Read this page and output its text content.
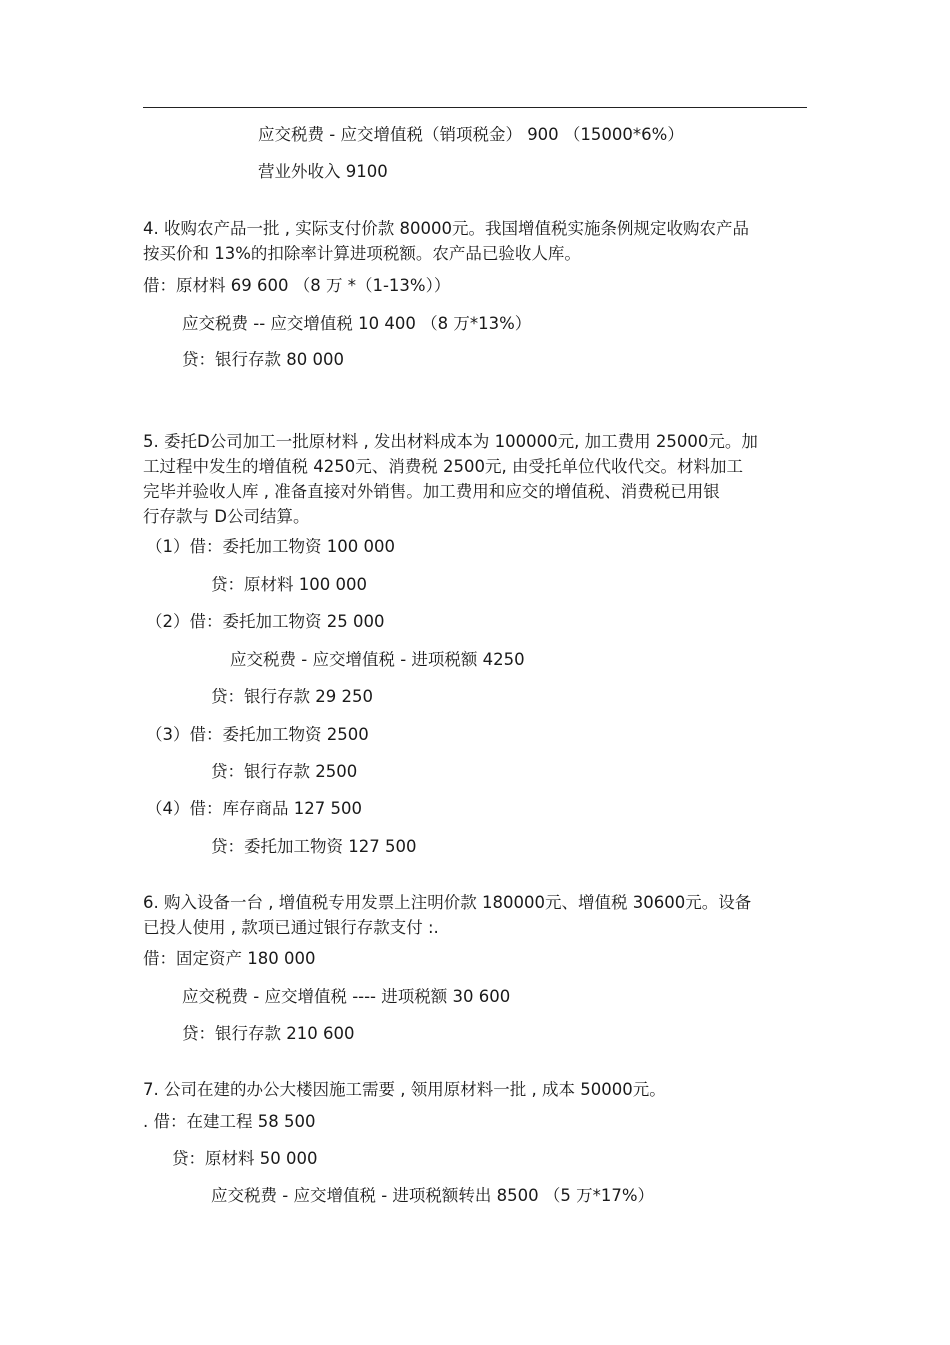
应交税费 - 应交增值税（销项税金） 900 （15000*6%）
营业外收入 9100
4. 收购农产品一批 , 实际支付价款 80000元。我国增值税实施条例规定收购农产品
按买价和 13%的扣除率计算进项税额。农产品已验收人库。
借：原材料 69 600 （8 万 *（1-13%））
应交税费 -- 应交增值税 10 400 （8 万*13%）
贷：银行存款 80 000
5. 委托D公司加工一批原材料 , 发出材料成本为 100000元, 加工费用 25000元。加
工过程中发生的增值税 4250元、消费税 2500元, 由受托单位代收代交。材料加工
完毕并验收人库 , 准备直接对外销售。加工费用和应交的增值税、消费税已用银
行存款与 D公司结算。
（1）借：委托加工物资 100 000
贷：原材料 100 000
（2）借：委托加工物资 25 000
应交税费 - 应交增值税 - 进项税额 4250
贷：银行存款 29 250
（3）借：委托加工物资 2500
贷：银行存款 2500
（4）借：库存商品 127 500
贷：委托加工物资 127 500
6. 购入设备一台 , 增值税专用发票上注明价款 180000元、增值税 30600元。设备
已投人使用 , 款项已通过银行存款支付 :.
借：固定资产 180 000
应交税费 - 应交增值税 ---- 进项税额 30 600
贷：银行存款 210 600
7. 公司在建的办公大楼因施工需要 , 领用原材料一批 , 成本 50000元。
. 借：在建工程 58 500
贷：原材料 50 000
应交税费 - 应交增值税 - 进项税额转出 8500 （5 万*17%）
